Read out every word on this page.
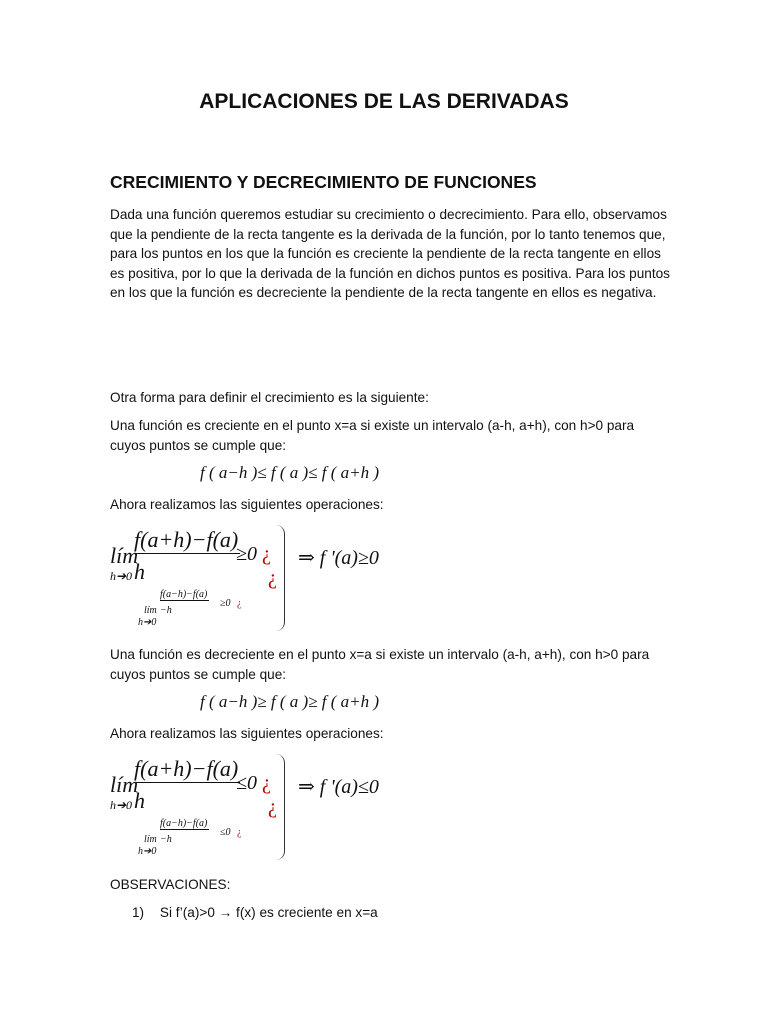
APLICACIONES DE LAS DERIVADAS
CRECIMIENTO Y DECRECIMIENTO DE FUNCIONES

Dada una función queremos estudiar su crecimiento o decrecimiento. Para ello, observamos que la pendiente de la recta tangente es la derivada de la función, por lo tanto tenemos que, para los puntos en los que la función es creciente la pendiente de la recta tangente en ellos es positiva, por lo que la derivada de la función en dichos puntos es positiva. Para los puntos en los que la función es decreciente la pendiente de la recta tangente en ellos es negativa.

Otra forma para definir el crecimiento es la siguiente:

Una función es creciente en el punto x=a si existe un intervalo (a-h, a+h), con h>0 para cuyos puntos se cumple que:

f ( a−h )≤ f ( a )≤ f ( a+h )

Ahora realizamos las siguientes operaciones:

lím
h➔0
f(a+h)−f(a)
h
≥0 ¿
¿
lím
h➔0
f(a−h)−f(a)
−h
≥0 ¿
⇒ f '(a)≥0

Una función es decreciente en el punto x=a si existe un intervalo (a-h, a+h), con h>0 para cuyos puntos se cumple que:

f ( a−h )≥ f ( a )≥ f ( a+h )

Ahora realizamos las siguientes operaciones:

lím
h➔0
f(a+h)−f(a)
h
≤0 ¿
¿
lím
h➔0
f(a−h)−f(a)
−h
≤0 ¿
⇒ f '(a)≤0

OBSERVACIONES:

1) Si f’(a)>0 → f(x) es creciente en x=a
